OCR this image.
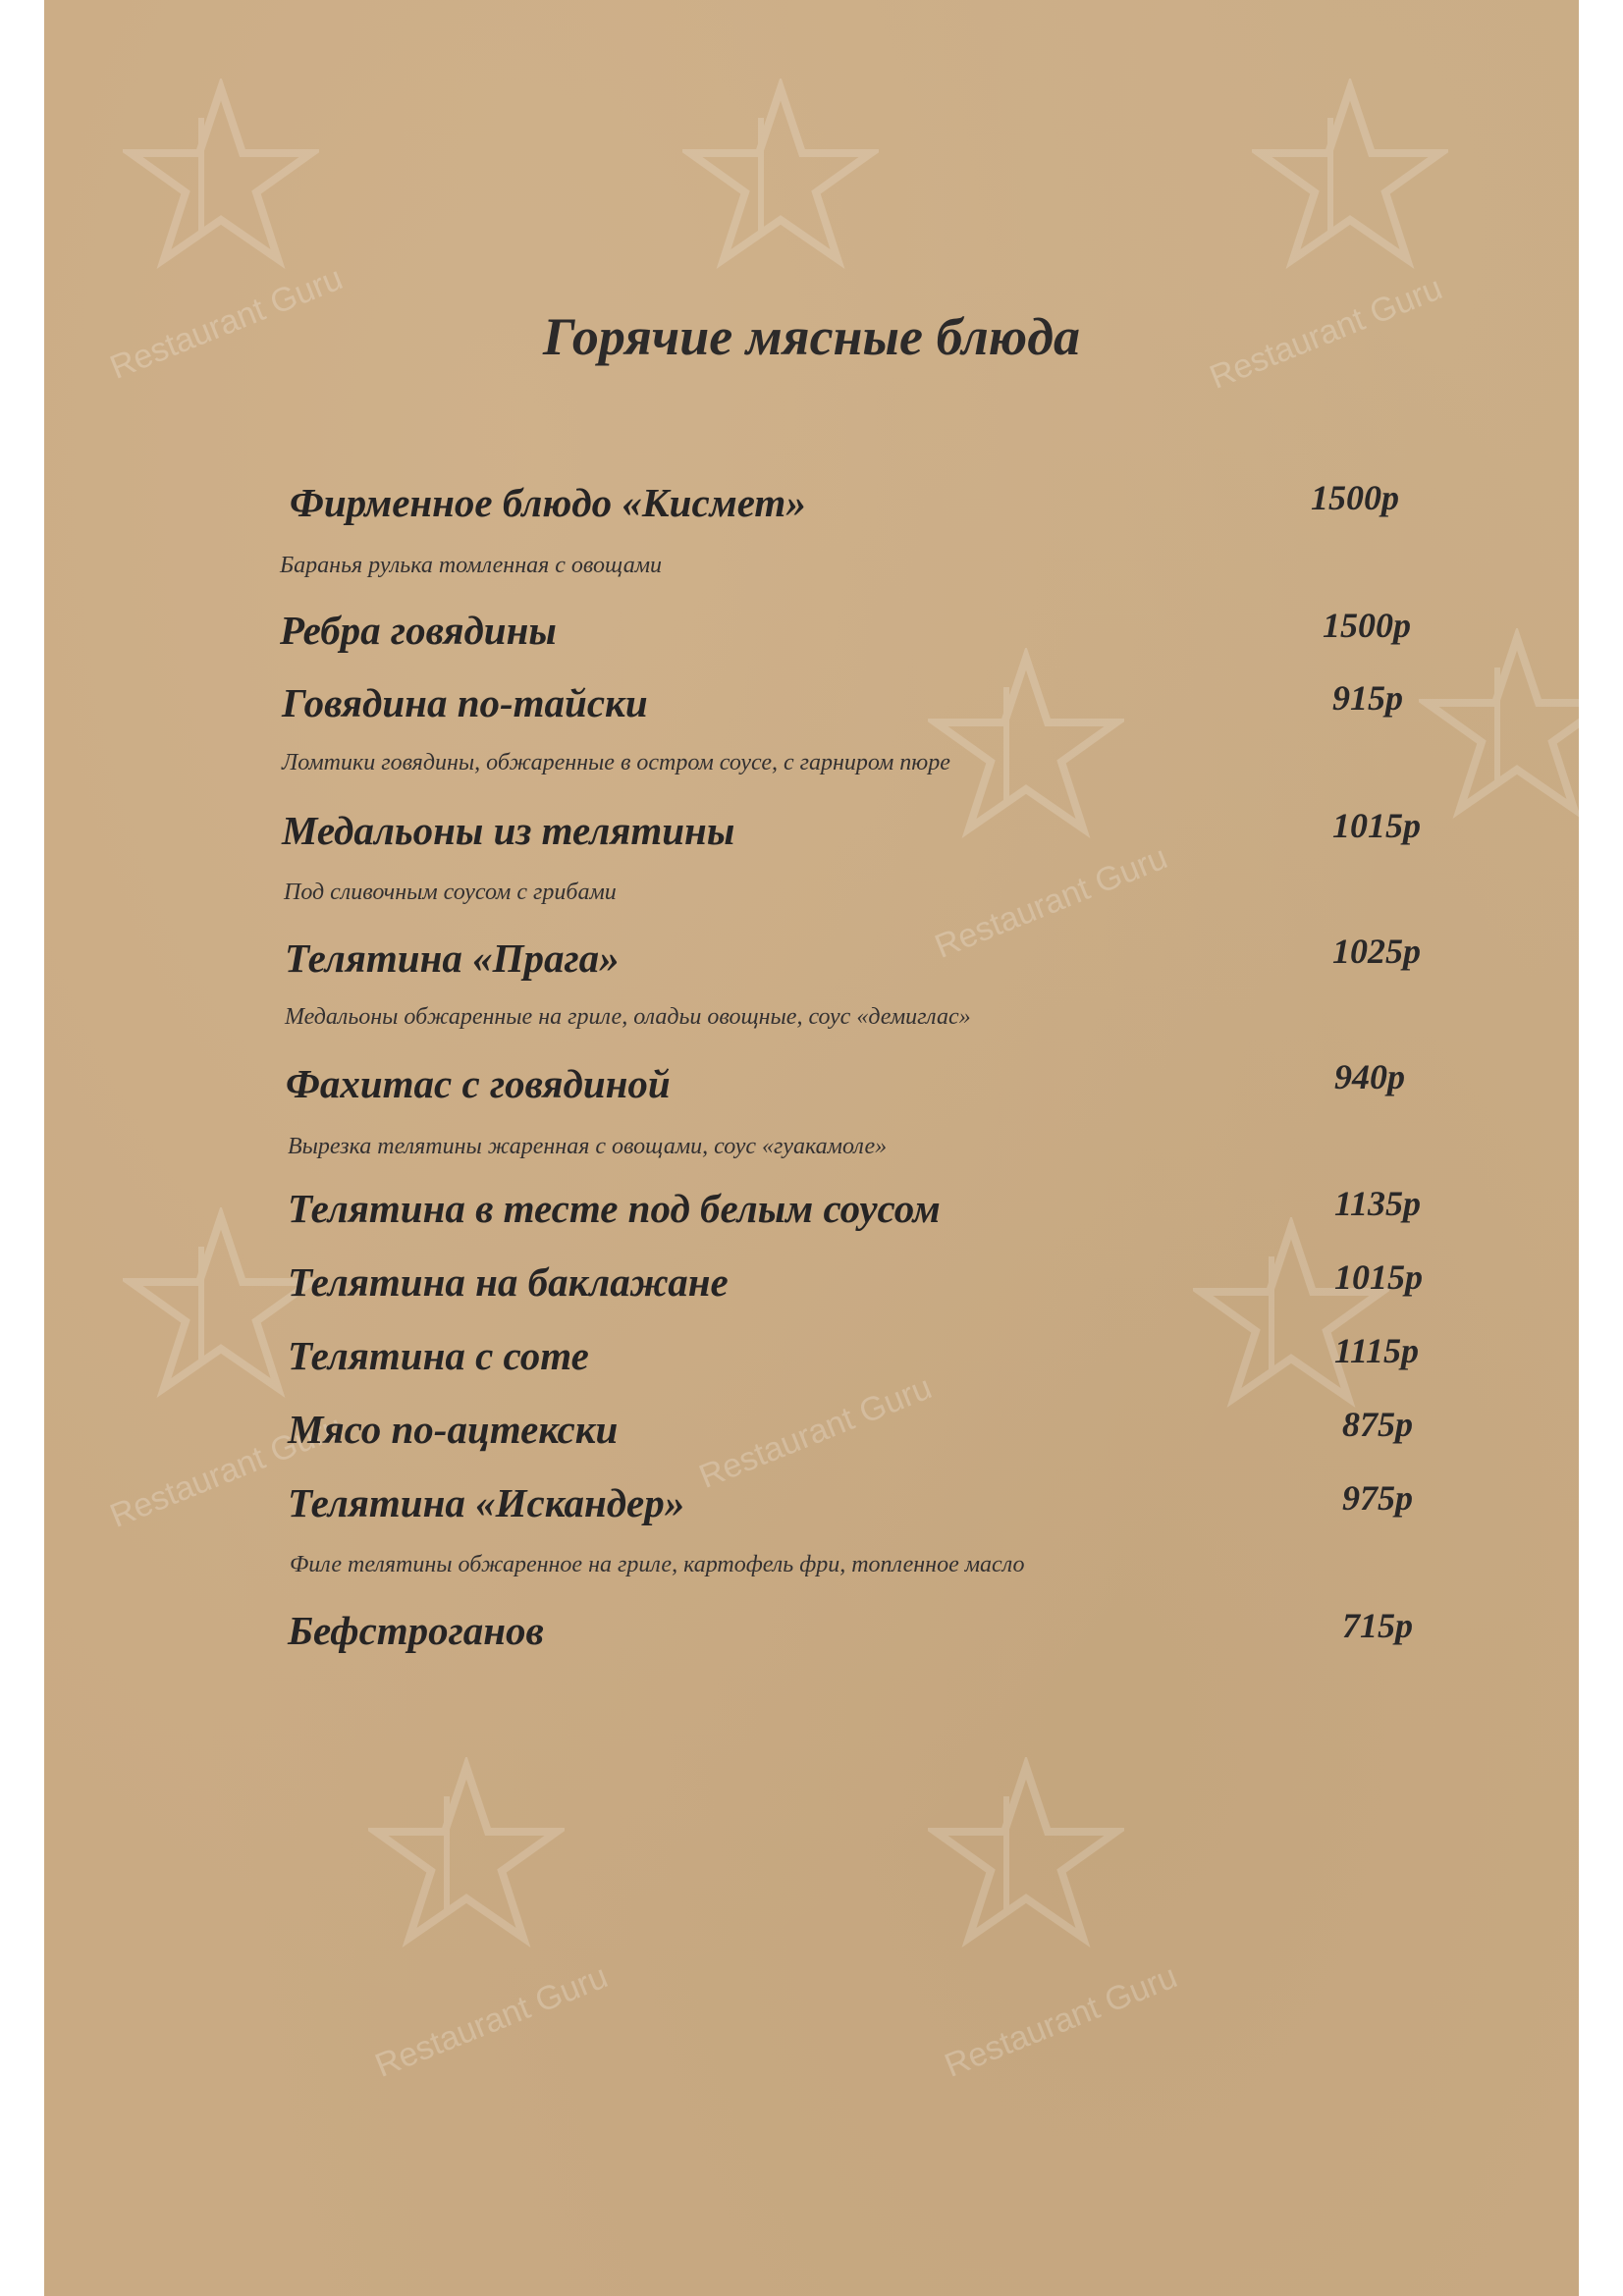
Restaurant Guru	Restaurant Guru
Restaurant Guru
Restaurant Guru	Restaurant Guru
Restaurant Guru	Restaurant Guru
Горячие мясные блюда
Фирменное блюдо «Кисмет»	1500р
Баранья рулька томленная с овощами
Ребра говядины	1500р
Говядина по-тайски	915р
Ломтики говядины, обжаренные в остром соусе, с гарниром пюре
Медальоны из телятины	1015р
Под сливочным соусом с грибами
Телятина «Прага»	1025р
Медальоны обжаренные на гриле, оладьи овощные, соус «демиглас»
Фахитас с говядиной	940р
Вырезка телятины жаренная с овощами, соус «гуакамоле»
Телятина в тесте под белым соусом	1135р
Телятина на баклажане	1015р
Телятина с соте	1115р
Мясо по-ацтекски	875р
Телятина «Искандер»	975р
Филе телятины обжаренное на гриле, картофель фри, топленное масло
Бефстроганов	715р
